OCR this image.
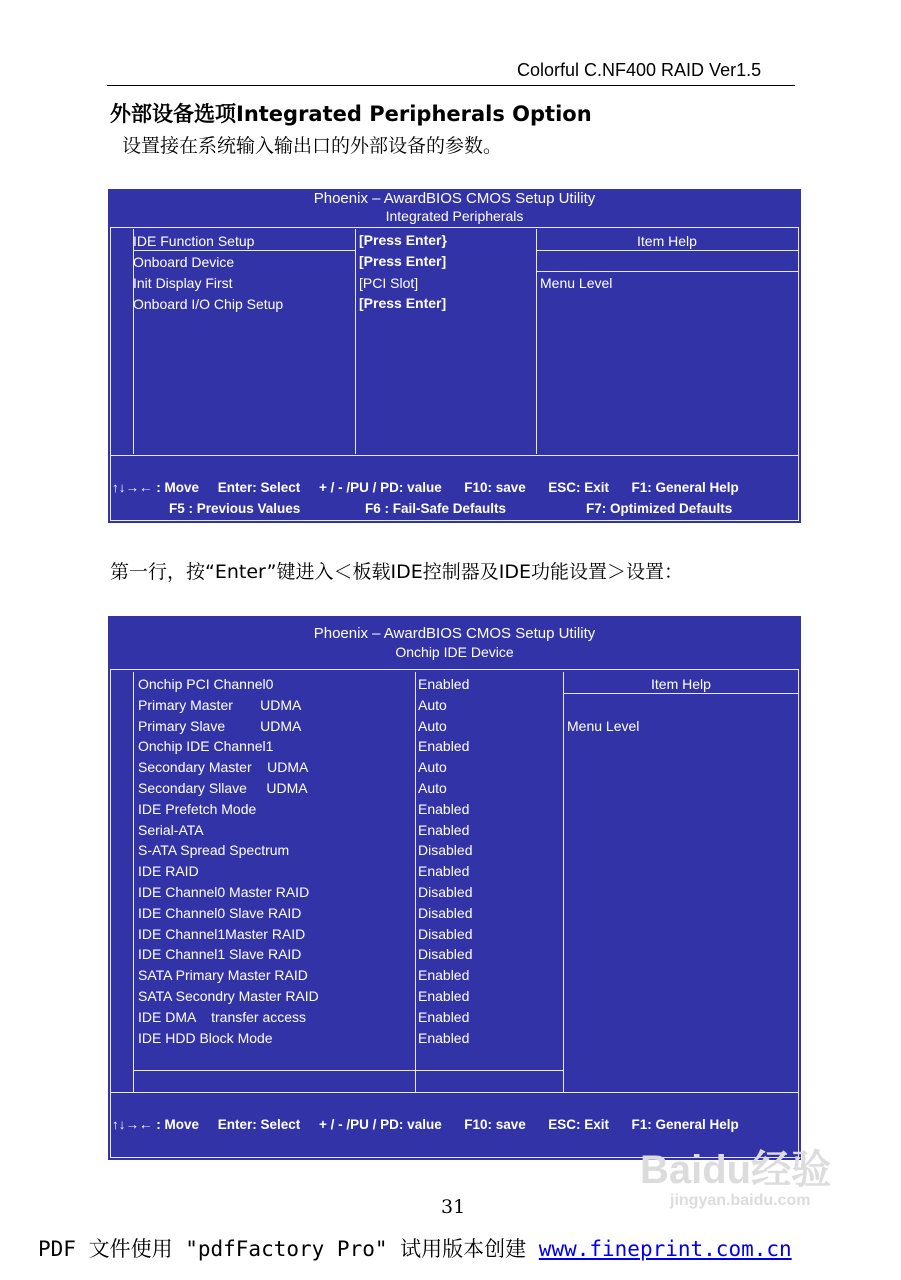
Colorful C.NF400 RAID Ver1.5
外部设备选项Integrated Peripherals Option
设置接在系统输入输出口的外部设备的参数。
Phoenix – AwardBIOS CMOS Setup Utility
Integrated Peripherals
IDE Function Setup	[Press Enter}
Onboard Device	[Press Enter]
Init Display First	[PCI Slot]
Onboard I/O Chip Setup	[Press Enter]
Item Help
Menu Level
↑↓→← : Move     Enter: Select     + / - /PU / PD: value      F10: save      ESC: Exit      F1: General Help
F5 : Previous Values	F6 : Fail-Safe Defaults	F7: Optimized Defaults
第一行，按“Enter”键进入＜板载IDE控制器及IDE功能设置＞设置：
Phoenix – AwardBIOS CMOS Setup Utility
Onchip IDE Device
Onchip PCI Channel0	Enabled
Primary Master       UDMA	Auto
Primary Slave         UDMA	Auto
Onchip IDE Channel1	Enabled
Secondary Master    UDMA	Auto
Secondary Sllave     UDMA	Auto
IDE Prefetch Mode	Enabled
Serial-ATA	Enabled
S-ATA Spread Spectrum	Disabled
IDE RAID	Enabled
IDE Channel0 Master RAID	Disabled
IDE Channel0 Slave RAID	Disabled
IDE Channel1Master RAID	Disabled
IDE Channel1 Slave RAID	Disabled
SATA Primary Master RAID	Enabled
SATA Secondry Master RAID	Enabled
IDE DMA    transfer access	Enabled
IDE HDD Block Mode	Enabled
Item Help
Menu Level
↑↓→← : Move     Enter: Select     + / - /PU / PD: value      F10: save      ESC: Exit      F1: General Help
31
Baidu经验
jingyan.baidu.com
PDF 文件使用 "pdfFactory Pro" 试用版本创建 www.fineprint.com.cn
